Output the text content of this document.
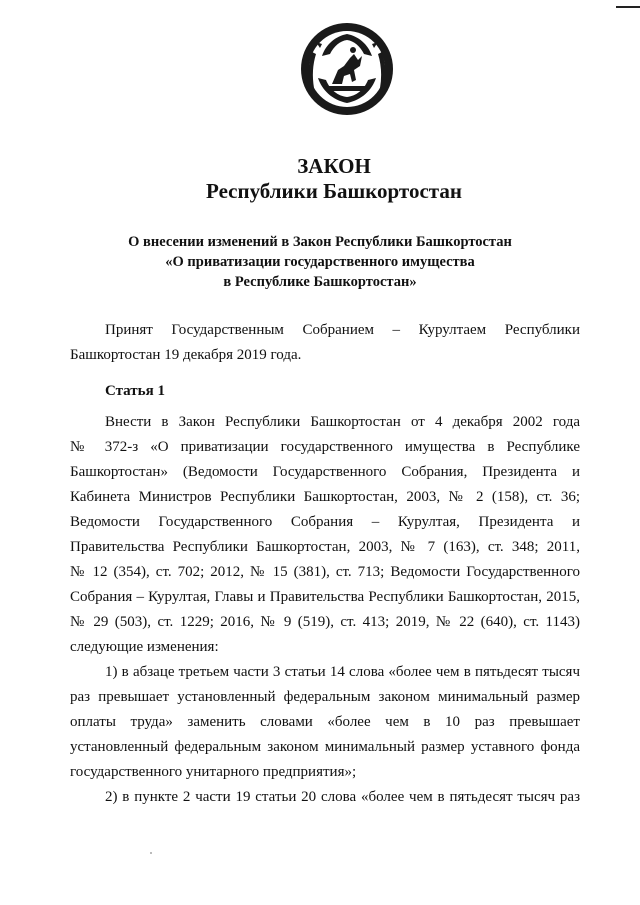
ЗАКОН
Республики Башкортостан
О внесении изменений в Закон Республики Башкортостан
«О приватизации государственного имущества
в Республике Башкортостан»
Принят Государственным Собранием – Курултаем Республики
Башкортостан 19 декабря 2019 года.
Статья 1
Внести в Закон Республики Башкортостан от 4 декабря 2002 года
№ 372-з «О приватизации государственного имущества в Республике
Башкортостан» (Ведомости Государственного Собрания, Президента и
Кабинета Министров Республики Башкортостан, 2003, № 2 (158), ст. 36;
Ведомости Государственного Собрания – Курултая, Президента и
Правительства Республики Башкортостан, 2003, № 7 (163), ст. 348; 2011,
№ 12 (354), ст. 702; 2012, № 15 (381), ст. 713; Ведомости Государственного
Собрания – Курултая, Главы и Правительства Республики Башкортостан, 2015,
№ 29 (503), ст. 1229; 2016, № 9 (519), ст. 413; 2019, № 22 (640), ст. 1143)
следующие изменения:
1) в абзаце третьем части 3 статьи 14 слова «более чем в пятьдесят тысяч
раз превышает установленный федеральным законом минимальный размер
оплаты труда» заменить словами «более чем в 10 раз превышает
установленный федеральным законом минимальный размер уставного фонда
государственного унитарного предприятия»;
2) в пункте 2 части 19 статьи 20 слова «более чем в пятьдесят тысяч раз
